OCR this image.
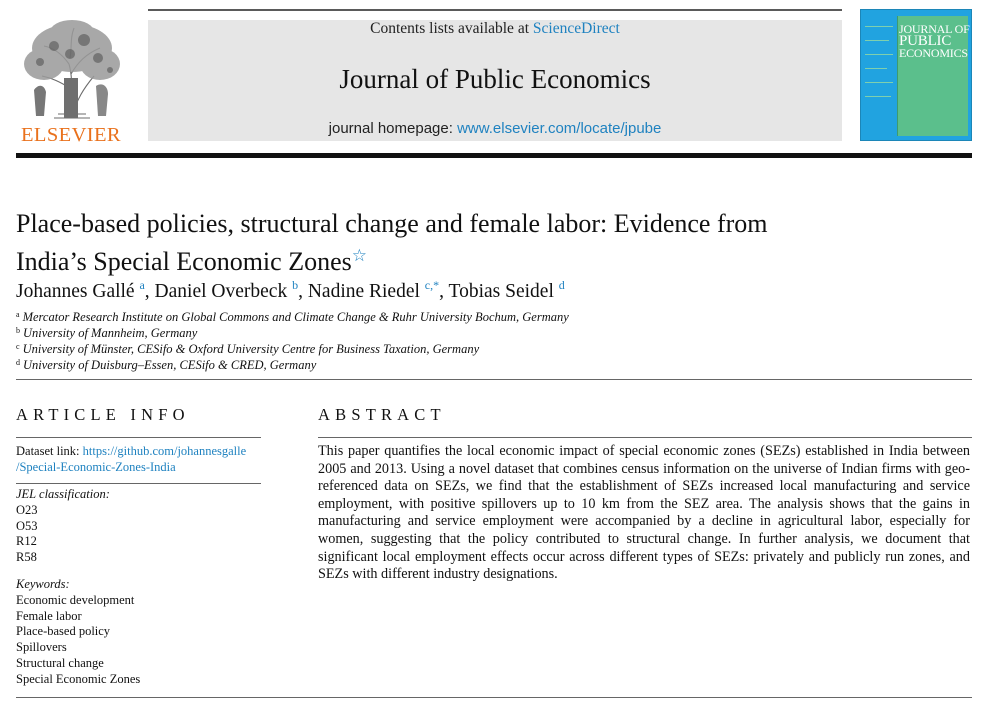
ELSEVIER
Contents lists available at ScienceDirect
Journal of Public Economics
journal homepage: www.elsevier.com/locate/jpube
JOURNAL OF
PUBLIC
ECONOMICS
Place-based policies, structural change and female labor: Evidence from
India’s Special Economic Zones☆
Johannes Gallé $^a$, Daniel Overbeck $^b$, Nadine Riedel $^{c,*}$, Tobias Seidel $^d$
$^a$ Mercator Research Institute on Global Commons and Climate Change & Ruhr University Bochum, Germany
$^b$ University of Mannheim, Germany
$^c$ University of Münster, CESifo & Oxford University Centre for Business Taxation, Germany
$^d$ University of Duisburg–Essen, CESifo & CRED, Germany
ARTICLE INFO
Dataset link: https://github.com/johannesgalle
/Special-Economic-Zones-India
JEL classification:
O23
O53
R12
R58
Keywords:
Economic development
Female labor
Place-based policy
Spillovers
Structural change
Special Economic Zones
ABSTRACT
This paper quantifies the local economic impact of special economic zones (SEZs) established in India between 2005 and 2013. Using a novel dataset that combines census information on the universe of Indian firms with geo-referenced data on SEZs, we find that the establishment of SEZs increased local manufacturing and service employment, with positive spillovers up to 10 km from the SEZ area. The analysis shows that the gains in manufacturing and service employment were accompanied by a decline in agricultural labor, especially for women, suggesting that the policy contributed to structural change. In further analysis, we document that significant local employment effects occur across different types of SEZs: privately and publicly run zones, and SEZs with different industry designations.
